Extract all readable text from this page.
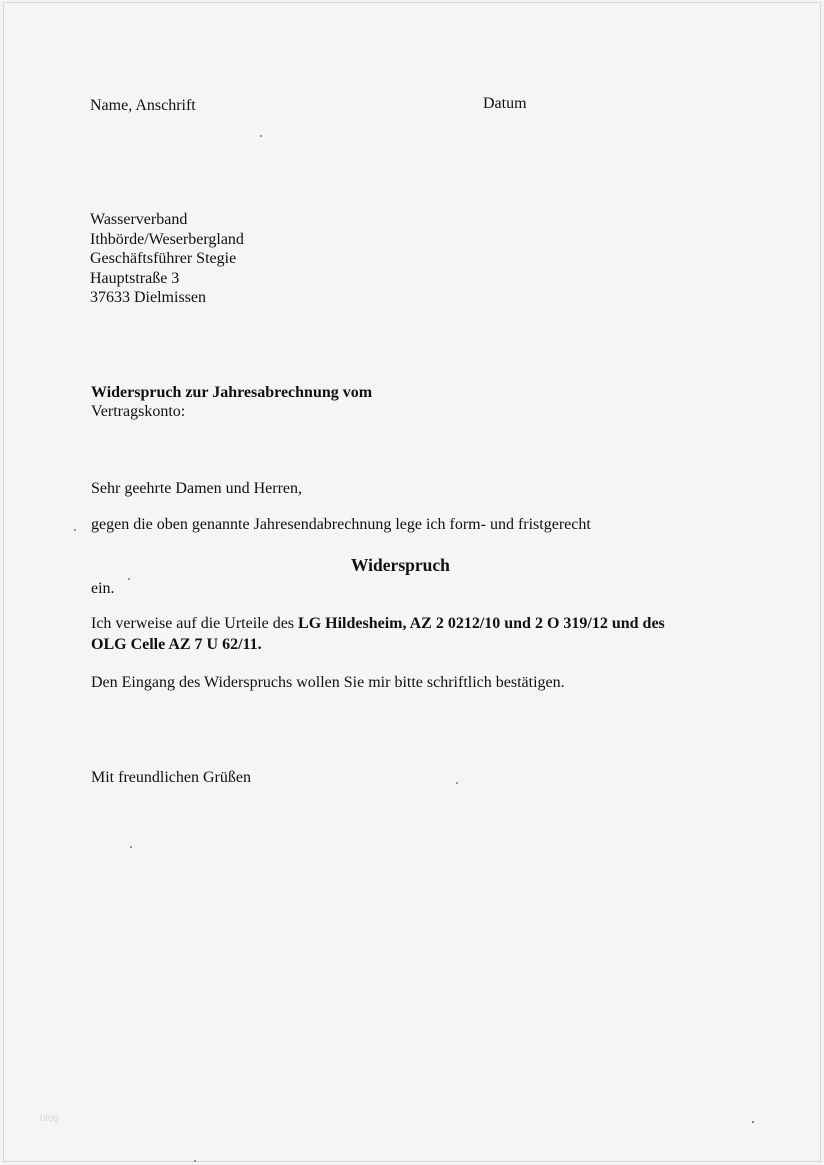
Name, Anschrift	Datum
Wasserverband
Ithbörde/Weserbergland
Geschäftsführer Stegie
Hauptstraße 3
37633 Dielmissen
Widerspruch zur Jahresabrechnung vom
Vertragskonto:
Sehr geehrte Damen und Herren,
gegen die oben genannte Jahresendabrechnung lege ich form- und fristgerecht
Widerspruch
ein.
Ich verweise auf die Urteile des LG Hildesheim, AZ 2 0212/10 und 2 O 319/12 und des
OLG Celle AZ 7 U 62/11.
Den Eingang des Widerspruchs wollen Sie mir bitte schriftlich bestätigen.
Mit freundlichen Grüßen
blog
